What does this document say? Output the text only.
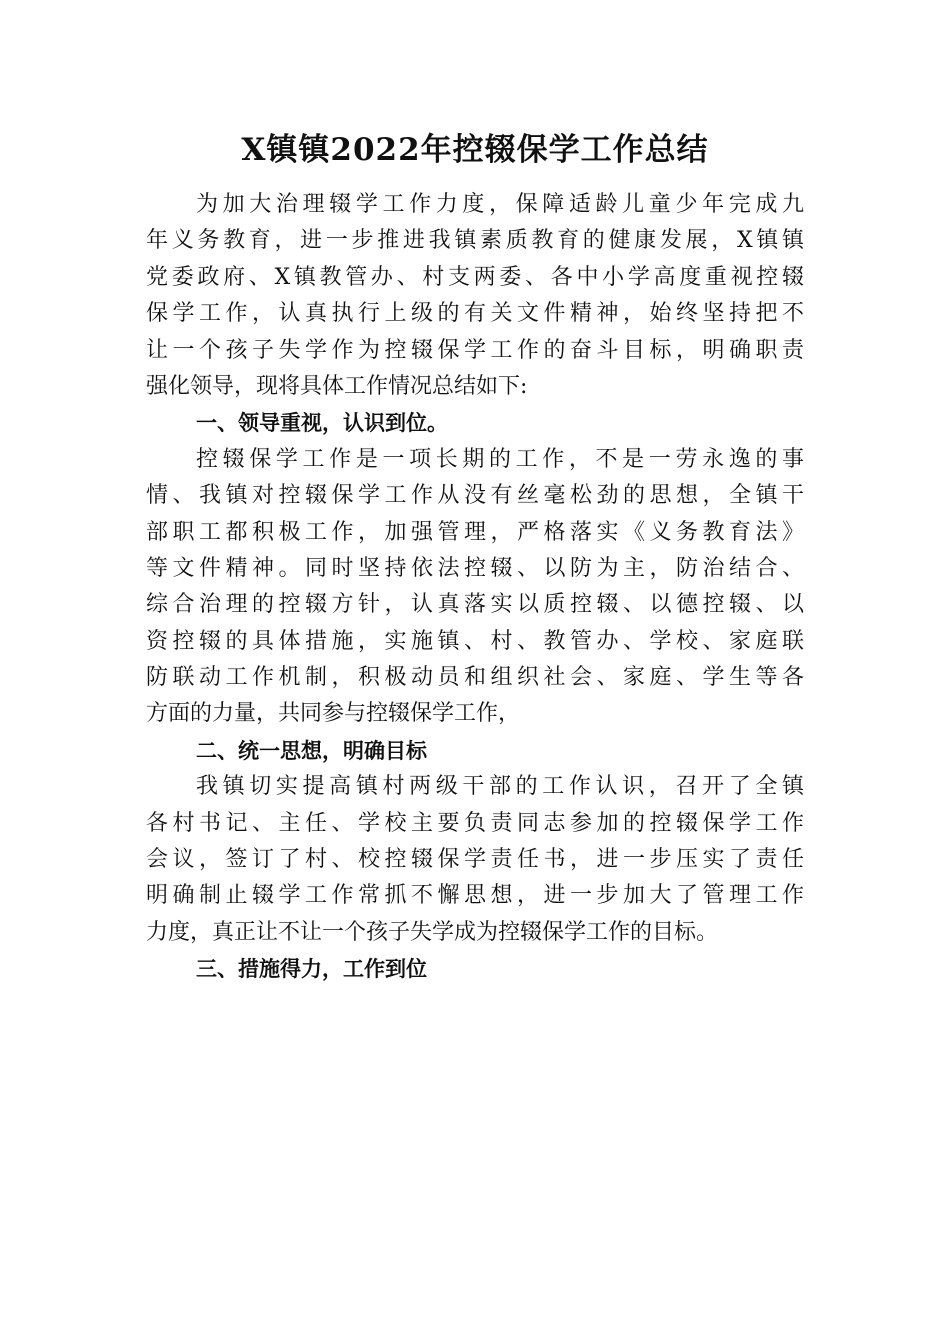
X镇镇2022年控辍保学工作总结
为加大治理辍学工作力度，保障适龄儿童少年完成九
年义务教育，进一步推进我镇素质教育的健康发展，X镇镇
党委政府、X镇教管办、村支两委、各中小学高度重视控辍
保学工作，认真执行上级的有关文件精神，始终坚持把不
让一个孩子失学作为控辍保学工作的奋斗目标，明确职责
强化领导，现将具体工作情况总结如下:
一、领导重视，认识到位。
控辍保学工作是一项长期的工作，不是一劳永逸的事
情、我镇对控辍保学工作从没有丝毫松劲的思想，全镇干
部职工都积极工作，加强管理，严格落实《义务教育法》
等文件精神。同时坚持依法控辍、以防为主，防治结合、
综合治理的控辍方针，认真落实以质控辍、以德控辍、以
资控辍的具体措施，实施镇、村、教管办、学校、家庭联
防联动工作机制，积极动员和组织社会、家庭、学生等各
方面的力量，共同参与控辍保学工作，
二、统一思想，明确目标
我镇切实提高镇村两级干部的工作认识，召开了全镇
各村书记、主任、学校主要负责同志参加的控辍保学工作
会议，签订了村、校控辍保学责任书，进一步压实了责任
明确制止辍学工作常抓不懈思想，进一步加大了管理工作
力度，真正让不让一个孩子失学成为控辍保学工作的目标。
三、措施得力，工作到位
